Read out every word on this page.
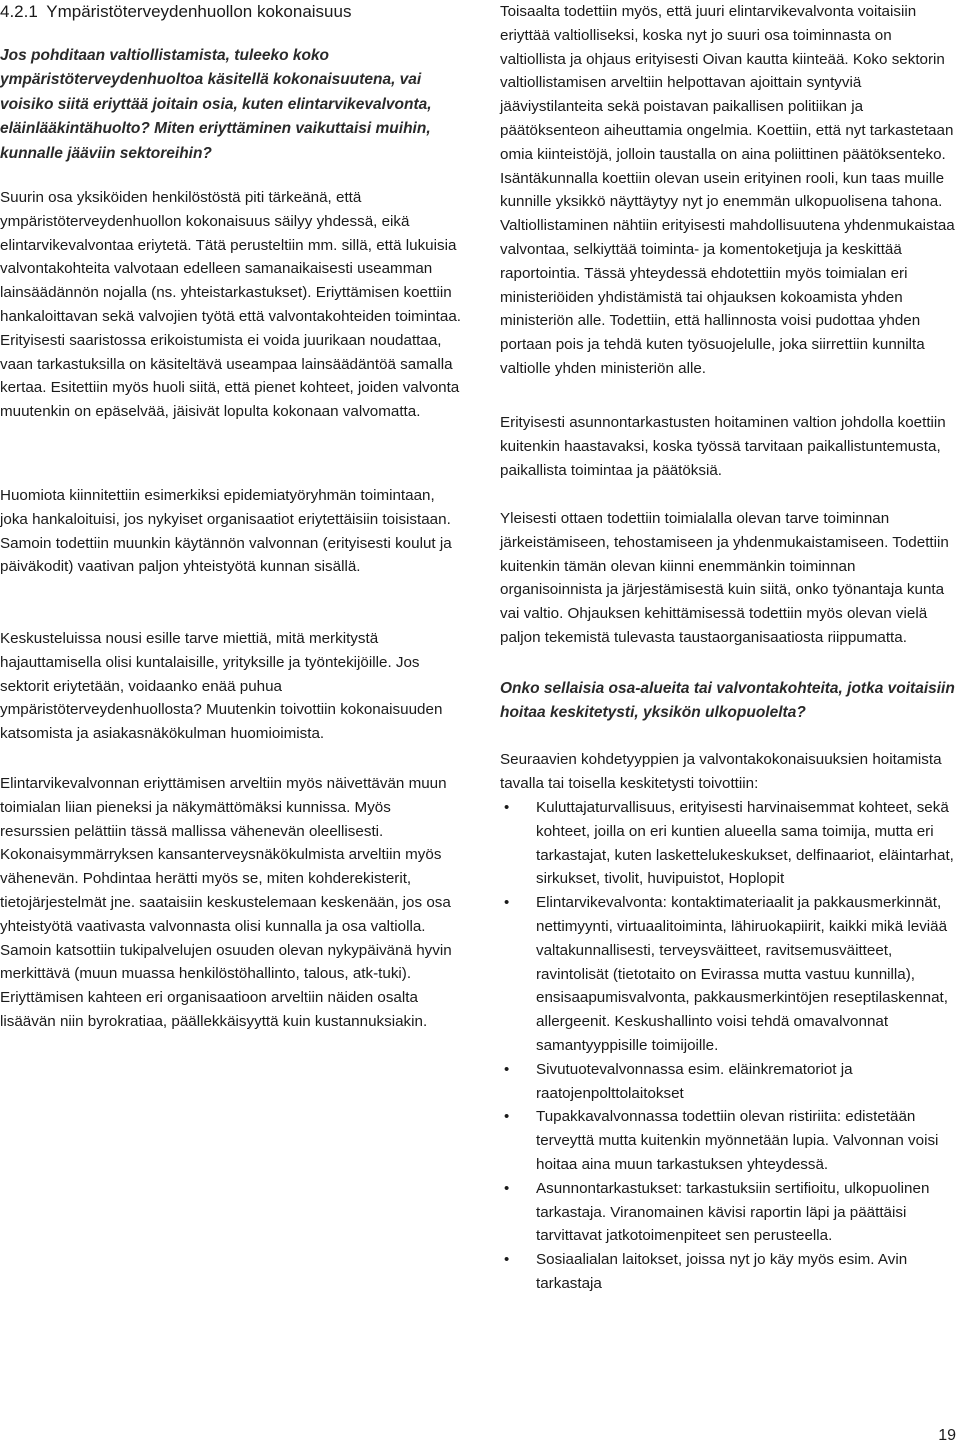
4.2.1 Ympäristöterveydenhuollon kokonaisuus

Jos pohditaan valtiollistamista, tuleeko koko ympäristöterveydenhuoltoa käsitellä kokonaisuutena, vai voisiko siitä eriyttää joitain osia, kuten elintarvikevalvonta, eläinlääkintähuolto? Miten eriyttäminen vaikuttaisi muihin, kunnalle jääviin sektoreihin?

Suurin osa yksiköiden henkilöstöstä piti tärkeänä, että ympäristöterveydenhuollon kokonaisuus säilyy yhdessä, eikä elintarvikevalvontaa eriytetä. Tätä perusteltiin mm. sillä, että lukuisia valvontakohteita valvotaan edelleen samanaikaisesti useamman lainsäädännön nojalla (ns. yhteistarkastukset). Eriyttämisen koettiin hankaloittavan sekä valvojien työtä että valvontakohteiden toimintaa. Erityisesti saaristossa erikoistumista ei voida juurikaan noudattaa, vaan tarkastuksilla on käsiteltävä useampaa lainsäädäntöä samalla kertaa. Esitettiin myös huoli siitä, että pienet kohteet, joiden valvonta muutenkin on epäselvää, jäisivät lopulta kokonaan valvomatta.

Huomiota kiinnitettiin esimerkiksi epidemiatyöryhmän toimintaan, joka hankaloituisi, jos nykyiset organisaatiot eriytettäisiin toisistaan. Samoin todettiin muunkin käytännön valvonnan (erityisesti koulut ja päiväkodit) vaativan paljon yhteistyötä kunnan sisällä.

Keskusteluissa nousi esille tarve miettiä, mitä merkitystä hajauttamisella olisi kuntalaisille, yrityksille ja työntekijöille. Jos sektorit eriytetään, voidaanko enää puhua ympäristöterveydenhuollosta? Muutenkin toivottiin kokonaisuuden katsomista ja asiakasnäkökulman huomioimista.

Elintarvikevalvonnan eriyttämisen arveltiin myös näivettävän muun toimialan liian pieneksi ja näkymättömäksi kunnissa. Myös resurssien pelättiin tässä mallissa vähenevän oleellisesti. Kokonaisymmärryksen kansanterveysnäkökulmista arveltiin myös vähenevän. Pohdintaa herätti myös se, miten kohderekisterit, tietojärjestelmät jne. saataisiin keskustelemaan keskenään, jos osa yhteistyötä vaativasta valvonnasta olisi kunnalla ja osa valtiolla. Samoin katsottiin tukipalvelujen osuuden olevan nykypäivänä hyvin merkittävä (muun muassa henkilöstöhallinto, talous, atk-tuki). Eriyttämisen kahteen eri organisaatioon arveltiin näiden osalta lisäävän niin byrokratiaa, päällekkäisyyttä kuin kustannuksiakin.

Toisaalta todettiin myös, että juuri elintarvikevalvonta voitaisiin eriyttää valtiolliseksi, koska nyt jo suuri osa toiminnasta on valtiollista ja ohjaus erityisesti Oivan kautta kiinteää. Koko sektorin valtiollistamisen arveltiin helpottavan ajoittain syntyviä jääviystilanteita sekä poistavan paikallisen politiikan ja päätöksenteon aiheuttamia ongelmia. Koettiin, että nyt tarkastetaan omia kiinteistöjä, jolloin taustalla on aina poliittinen päätöksenteko. Isäntäkunnalla koettiin olevan usein erityinen rooli, kun taas muille kunnille yksikkö näyttäytyy nyt jo enemmän ulkopuolisena tahona. Valtiollistaminen nähtiin erityisesti mahdollisuutena yhdenmukaistaa valvontaa, selkiyttää toiminta- ja komentoketjuja ja keskittää raportointia. Tässä yhteydessä ehdotettiin myös toimialan eri ministeriöiden yhdistämistä tai ohjauksen kokoamista yhden ministeriön alle. Todettiin, että hallinnosta voisi pudottaa yhden portaan pois ja tehdä kuten työsuojelulle, joka siirrettiin kunnilta valtiolle yhden ministeriön alle.

Erityisesti asunnontarkastusten hoitaminen valtion johdolla koettiin kuitenkin haastavaksi, koska työssä tarvitaan paikallistuntemusta, paikallista toimintaa ja päätöksiä.

Yleisesti ottaen todettiin toimialalla olevan tarve toiminnan järkeistämiseen, tehostamiseen ja yhdenmukaistamiseen. Todettiin kuitenkin tämän olevan kiinni enemmänkin toiminnan organisoinnista ja järjestämisestä kuin siitä, onko työnantaja kunta vai valtio. Ohjauksen kehittämisessä todettiin myös olevan vielä paljon tekemistä tulevasta taustaorganisaatiosta riippumatta.

Onko sellaisia osa-alueita tai valvontakohteita, jotka voitaisiin hoitaa keskitetysti, yksikön ulkopuolelta?

Seuraavien kohdetyyppien ja valvontakokonaisuuksien hoitamista tavalla tai toisella keskitetysti toivottiin:

• Kuluttajaturvallisuus, erityisesti harvinaisemmat kohteet, sekä kohteet, joilla on eri kuntien alueella sama toimija, mutta eri tarkastajat, kuten laskettelukeskukset, delfinaariot, eläintarhat, sirkukset, tivolit, huvipuistot, Hoplopit
• Elintarvikevalvonta: kontaktimateriaalit ja pakkausmerkinnät, nettimyynti, virtuaalitoiminta, lähiruokapiirit, kaikki mikä leviää valtakunnallisesti, terveysväitteet, ravitsemusväitteet, ravintolisät (tietotaito on Evirassa mutta vastuu kunnilla), ensisaapumisvalvonta, pakkausmerkintöjen reseptilaskennat, allergeenit. Keskushallinto voisi tehdä omavalvonnat samantyyppisille toimijoille.
• Sivutuotevalvonnassa esim. eläinkrematoriot ja raatojenpolttolaitokset
• Tupakkavalvonnassa todettiin olevan ristiriita: edistetään terveyttä mutta kuitenkin myönnetään lupia. Valvonnan voisi hoitaa aina muun tarkastuksen yhteydessä.
• Asunnontarkastukset: tarkastuksiin sertifioitu, ulkopuolinen tarkastaja. Viranomainen kävisi raportin läpi ja päättäisi tarvittavat jatkotoimenpiteet sen perusteella.
• Sosiaalialan laitokset, joissa nyt jo käy myös esim. Avin tarkastaja
19
